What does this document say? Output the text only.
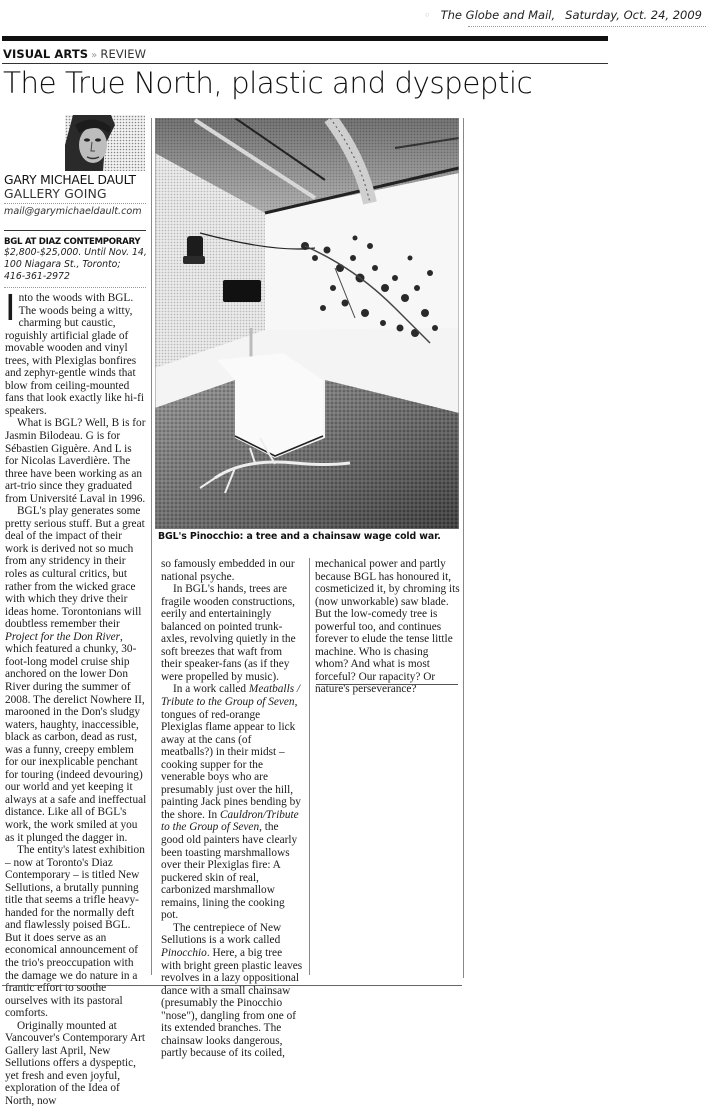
◦ The Globe and Mail, Saturday, Oct. 24, 2009
VISUAL ARTS » REVIEW
The True North, plastic and dyspeptic
GARY MICHAEL DAULT
GALLERY GOING
mail@garymichaeldault.com
BGL AT DIAZ CONTEMPORARY
$2,800-$25,000. Until Nov. 14,
100 Niagara St., Toronto;
416-361-2972

Into the woods with BGL. The woods being a witty, charming but caustic, roguishly artificial glade of movable wooden and vinyl trees, with Plexiglas bonfires and zephyr-gentle winds that blow from ceiling-mounted fans that look exactly like hi-fi speakers.

What is BGL? Well, B is for Jasmin Bilodeau. G is for Sébastien Giguère. And L is for Nicolas Laverdière. The three have been working as an art-trio since they graduated from Université Laval in 1996.

BGL's play generates some pretty serious stuff. But a great deal of the impact of their work is derived not so much from any stridency in their roles as cultural critics, but rather from the wicked grace with which they drive their ideas home. Torontonians will doubtless remember their Project for the Don River, which featured a chunky, 30-foot-long model cruise ship anchored on the lower Don River during the summer of 2008. The derelict Nowhere II, marooned in the Don's sludgy waters, haughty, inaccessible, black as carbon, dead as rust, was a funny, creepy emblem for our inexplicable penchant for touring (indeed devouring) our world and yet keeping it always at a safe and ineffectual distance. Like all of BGL's work, the work smiled at you as it plunged the dagger in.

The entity's latest exhibition – now at Toronto's Diaz Contemporary – is titled New Sellutions, a brutally punning title that seems a trifle heavy-handed for the normally deft and flawlessly poised BGL. But it does serve as an economical announcement of the trio's preoccupation with the damage we do nature in a frantic effort to soothe ourselves with its pastoral comforts.

Originally mounted at Vancouver's Contemporary Art Gallery last April, New Sellutions offers a dyspeptic, yet fresh and even joyful, exploration of the Idea of North, now

BGL's Pinocchio: a tree and a chainsaw wage cold war.

so famously embedded in our national psyche.

In BGL's hands, trees are fragile wooden constructions, eerily and entertainingly balanced on pointed trunk-axles, revolving quietly in the soft breezes that waft from their speaker-fans (as if they were propelled by music).

In a work called Meatballs / Tribute to the Group of Seven, tongues of red-orange Plexiglas flame appear to lick away at the cans (of meatballs?) in their midst – cooking supper for the venerable boys who are presumably just over the hill, painting Jack pines bending by the shore. In Cauldron/Tribute to the Group of Seven, the good old painters have clearly been toasting marshmallows over their Plexiglas fire: A puckered skin of real, carbonized marshmallow remains, lining the cooking pot.

The centrepiece of New Sellutions is a work called Pinocchio. Here, a big tree with bright green plastic leaves revolves in a lazy oppositional dance with a small chainsaw (presumably the Pinocchio "nose"), dangling from one of its extended branches. The chainsaw looks dangerous, partly because of its coiled,

mechanical power and partly because BGL has honoured it, cosmeticized it, by chroming its (now unworkable) saw blade. But the low-comedy tree is powerful too, and continues forever to elude the tense little machine. Who is chasing whom? And what is most forceful? Our rapacity? Or nature's perseverance?
